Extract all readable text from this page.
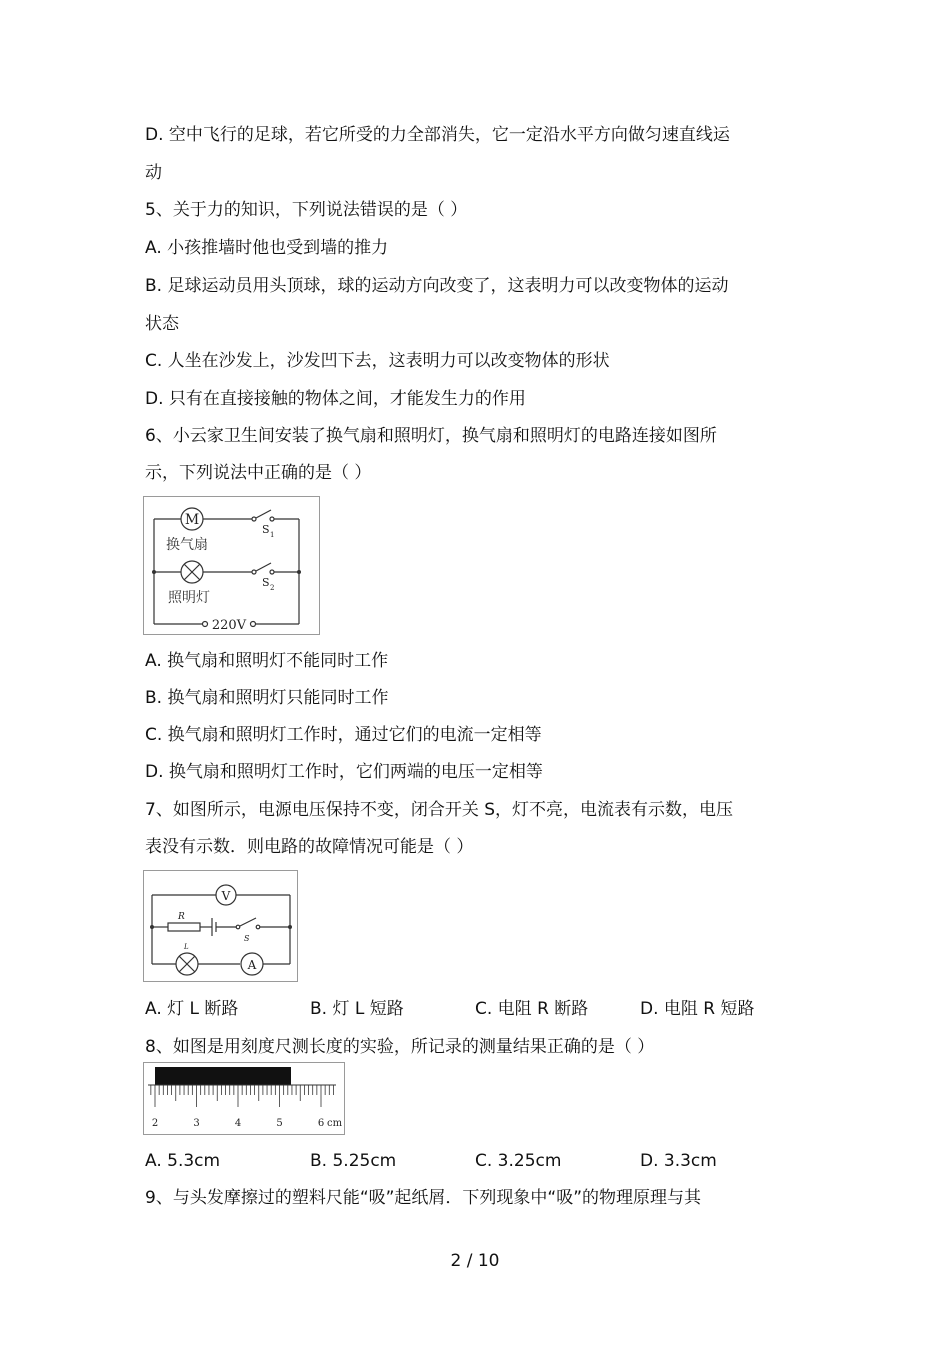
D. 空中飞行的足球，若它所受的力全部消失，它一定沿水平方向做匀速直线运
动
5、关于力的知识，下列说法错误的是（ ）
A. 小孩推墙时他也受到墙的推力
B. 足球运动员用头顶球，球的运动方向改变了，这表明力可以改变物体的运动
状态
C. 人坐在沙发上，沙发凹下去，这表明力可以改变物体的形状
D. 只有在直接接触的物体之间，才能发生力的作用
6、小云家卫生间安装了换气扇和照明灯，换气扇和照明灯的电路连接如图所
示，下列说法中正确的是（ ）
M
换气扇
照明灯
S 1
S 2
220V
A. 换气扇和照明灯不能同时工作
B. 换气扇和照明灯只能同时工作
C. 换气扇和照明灯工作时，通过它们的电流一定相等
D. 换气扇和照明灯工作时，它们两端的电压一定相等
7、如图所示，电源电压保持不变，闭合开关 S，灯不亮，电流表有示数，电压
表没有示数．则电路的故障情况可能是（ ）
V
A
R
L
S
A. 灯 L 断路	B. 灯 L 短路	C. 电阻 R 断路	D. 电阻 R 短路
8、如图是用刻度尺测长度的实验，所记录的测量结果正确的是（ ）
2	3	4	5	6 cm
A. 5.3cm	B. 5.25cm	C. 3.25cm	D. 3.3cm
9、与头发摩擦过的塑料尺能“吸”起纸屑．下列现象中“吸”的物理原理与其
2 / 10
